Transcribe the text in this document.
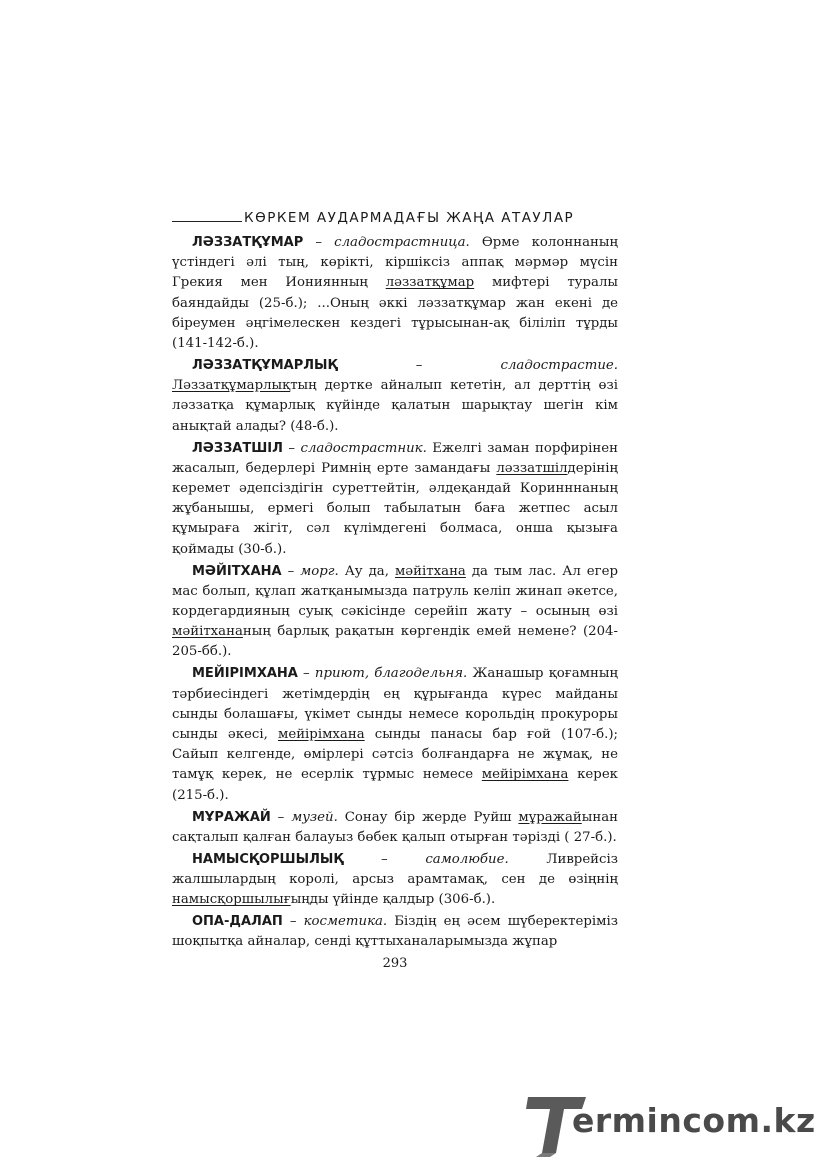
КӨРКЕМ АУДАРМАДАҒЫ ЖАҢА АТАУЛАР

ЛӘЗЗАТҚҰМАР – сладострастница. Өрме колоннаның үстіндегі әлі тың, көрікті, кіршіксіз аппақ мәрмәр мүсін Грекия мен Иониянның ләззатқұмар мифтері туралы баяндайды (25-б.); ...Оның әккі ләззатқұмар жан екені де біреумен әңгімелескен кездегі тұрысынан-ақ біліліп тұрды (141-142-б.).

ЛӘЗЗАТҚҰМАРЛЫҚ – сладострастие. Ләззатқұмарлықтың дертке айналып кететін, ал дерттің өзі ләззатқа құмарлық күйінде қалатын шарықтау шегін кім анықтай алады? (48-б.).

ЛӘЗЗАТШІЛ – сладострастник. Ежелгі заман порфирінен жасалып, бедерлері Римнің ерте замандағы ләззатшілдерінің керемет әдепсіздігін суреттейтін, әлдеқандай Коринннаның жұбанышы, ермегі болып табылатын баға жетпес асыл құмыраға жігіт, сәл күлімдегені болмаса, онша қызыға қоймады (30-б.).

МӘЙІТХАНА – морг. Ау да, мәйітхана да тым лас. Ал егер мас болып, құлап жатқанымызда патруль келіп жинап әкетсе, кордегардияның суық сәкісінде серейіп жату – осының өзі мәйітхананың барлық рақатын көргендік емей немене? (204-205-бб.).

МЕЙІРІМХАНА – приют, благодельня. Жанашыр қоғамның тәрбиесіндегі жетімдердің ең құрығанда күрес майданы сынды болашағы, үкімет сынды немесе корольдің прокуроры сынды әкесі, мейірімхана сынды панасы бар ғой (107-б.); Сайып келгенде, өмірлері сәтсіз болғандарға не жұмақ, не тамұқ керек, не есерлік тұрмыс немесе мейірімхана керек (215-б.).

МҰРАЖАЙ – музей. Сонау бір жерде Руйш мұражайынан сақталып қалған балауыз бөбек қалып отырған тәрізді ( 27-б.).

НАМЫСҚОРШЫЛЫҚ – самолюбие. Ливрейсіз жалшылардың королі, арсыз арамтамақ, сен де өзіңнің намысқоршылығыңды үйінде қалдыр (306-б.).

ОПА-ДАЛАП – косметика. Біздің ең әсем шүберектеріміз шоқпытқа айналар, сенді құттыханаларымызда жұпар

293
ermincom.kz
